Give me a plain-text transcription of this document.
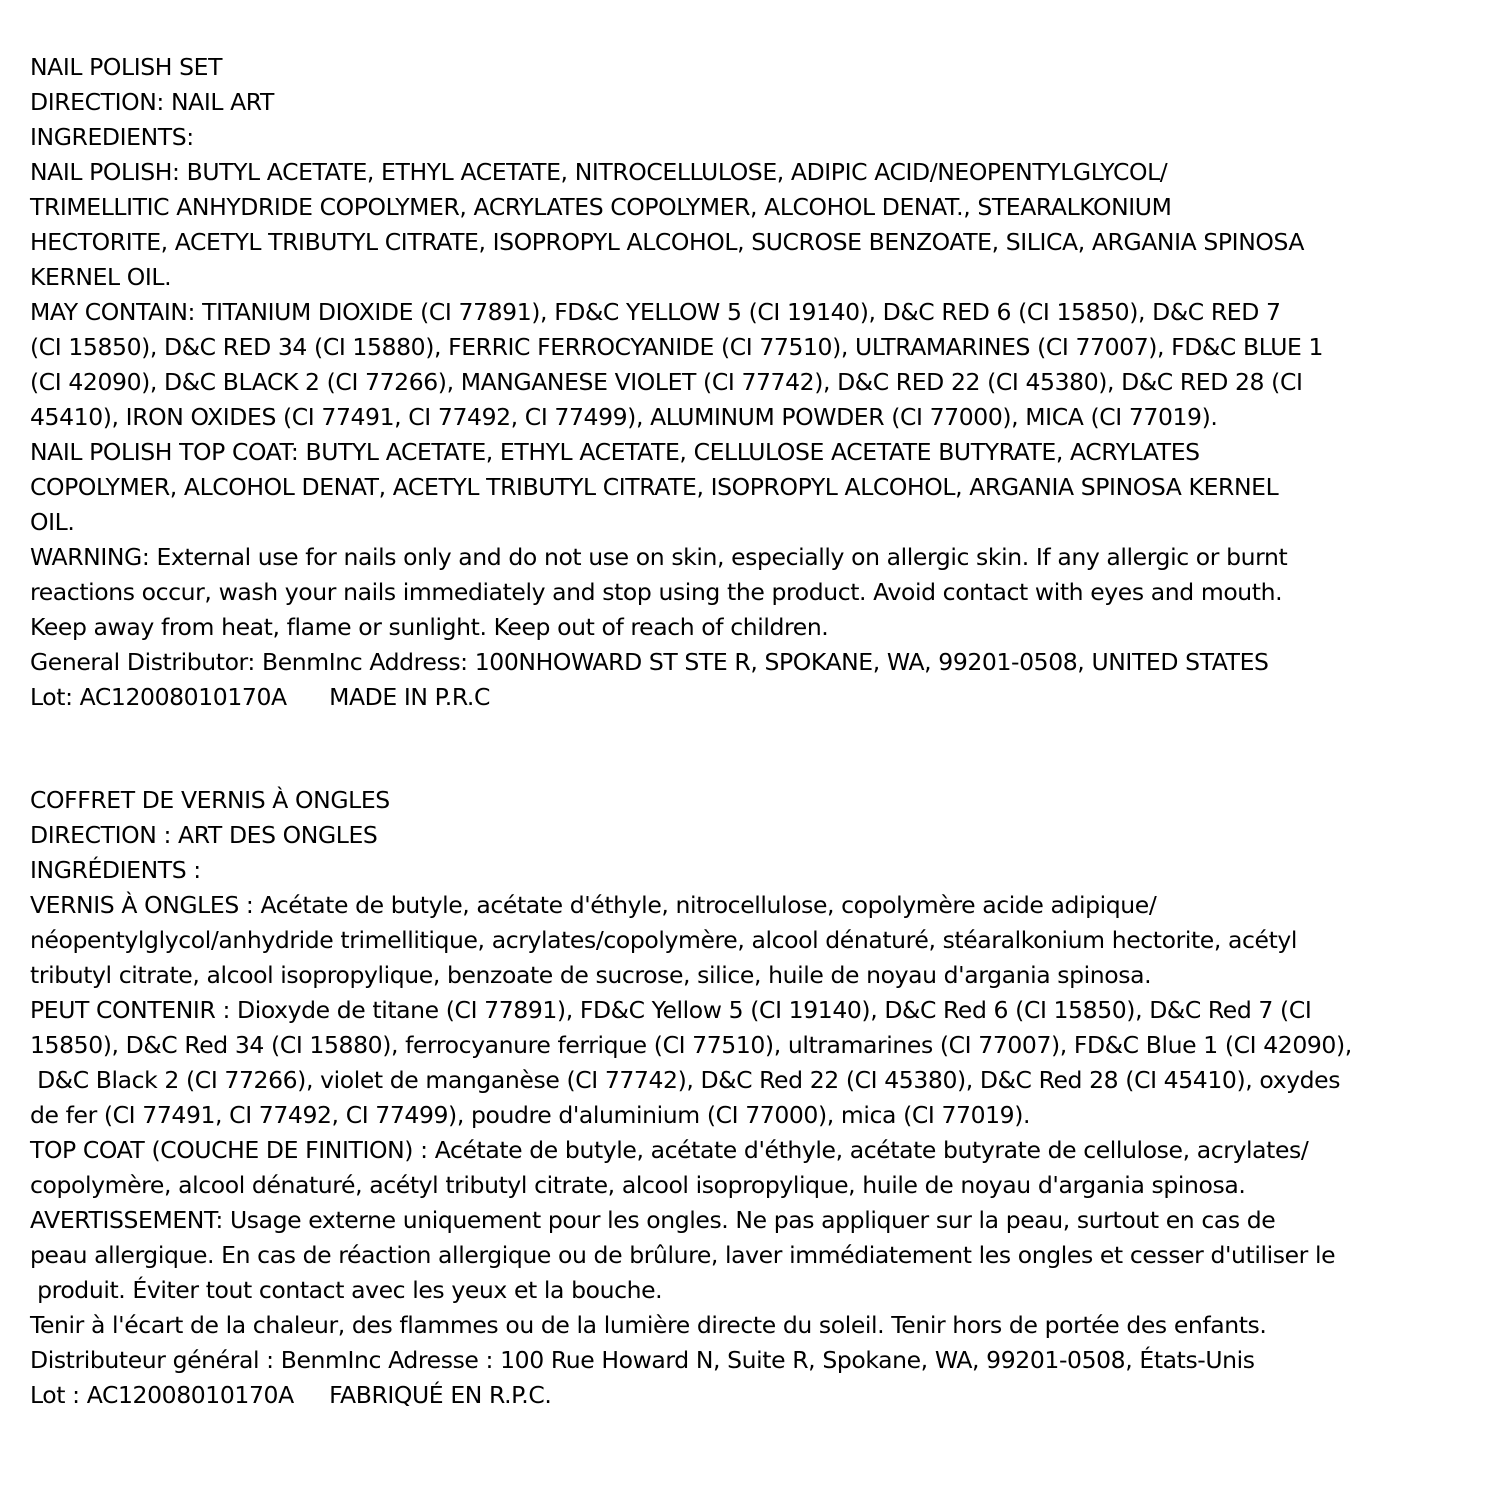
NAIL POLISH SET
DIRECTION: NAIL ART
INGREDIENTS:
NAIL POLISH: BUTYL ACETATE, ETHYL ACETATE, NITROCELLULOSE, ADIPIC ACID/NEOPENTYLGLYCOL/
TRIMELLITIC ANHYDRIDE COPOLYMER, ACRYLATES COPOLYMER, ALCOHOL DENAT., STEARALKONIUM
HECTORITE, ACETYL TRIBUTYL CITRATE, ISOPROPYL ALCOHOL, SUCROSE BENZOATE, SILICA, ARGANIA SPINOSA
KERNEL OIL.
MAY CONTAIN: TITANIUM DIOXIDE (CI 77891), FD&C YELLOW 5 (CI 19140), D&C RED 6 (CI 15850), D&C RED 7
(CI 15850), D&C RED 34 (CI 15880), FERRIC FERROCYANIDE (CI 77510), ULTRAMARINES (CI 77007), FD&C BLUE 1
(CI 42090), D&C BLACK 2 (CI 77266), MANGANESE VIOLET (CI 77742), D&C RED 22 (CI 45380), D&C RED 28 (CI
45410), IRON OXIDES (CI 77491, CI 77492, CI 77499), ALUMINUM POWDER (CI 77000), MICA (CI 77019).
NAIL POLISH TOP COAT: BUTYL ACETATE, ETHYL ACETATE, CELLULOSE ACETATE BUTYRATE, ACRYLATES
COPOLYMER, ALCOHOL DENAT, ACETYL TRIBUTYL CITRATE, ISOPROPYL ALCOHOL, ARGANIA SPINOSA KERNEL
OIL.
WARNING: External use for nails only and do not use on skin, especially on allergic skin. If any allergic or burnt
reactions occur, wash your nails immediately and stop using the product. Avoid contact with eyes and mouth.
Keep away from heat, flame or sunlight. Keep out of reach of children.
General Distributor: BenmInc Address: 100NHOWARD ST STE R, SPOKANE, WA, 99201-0508, UNITED STATES
Lot: AC12008010170A      MADE IN P.R.C
COFFRET DE VERNIS À ONGLES
DIRECTION : ART DES ONGLES
INGRÉDIENTS :
VERNIS À ONGLES : Acétate de butyle, acétate d'éthyle, nitrocellulose, copolymère acide adipique/
néopentylglycol/anhydride trimellitique, acrylates/copolymère, alcool dénaturé, stéaralkonium hectorite, acétyl
tributyl citrate, alcool isopropylique, benzoate de sucrose, silice, huile de noyau d'argania spinosa.
PEUT CONTENIR : Dioxyde de titane (CI 77891), FD&C Yellow 5 (CI 19140), D&C Red 6 (CI 15850), D&C Red 7 (CI
15850), D&C Red 34 (CI 15880), ferrocyanure ferrique (CI 77510), ultramarines (CI 77007), FD&C Blue 1 (CI 42090),
D&C Black 2 (CI 77266), violet de manganèse (CI 77742), D&C Red 22 (CI 45380), D&C Red 28 (CI 45410), oxydes
de fer (CI 77491, CI 77492, CI 77499), poudre d'aluminium (CI 77000), mica (CI 77019).
TOP COAT (COUCHE DE FINITION) : Acétate de butyle, acétate d'éthyle, acétate butyrate de cellulose, acrylates/
copolymère, alcool dénaturé, acétyl tributyl citrate, alcool isopropylique, huile de noyau d'argania spinosa.
AVERTISSEMENT: Usage externe uniquement pour les ongles. Ne pas appliquer sur la peau, surtout en cas de
peau allergique. En cas de réaction allergique ou de brûlure, laver immédiatement les ongles et cesser d'utiliser le
produit. Éviter tout contact avec les yeux et la bouche.
Tenir à l'écart de la chaleur, des flammes ou de la lumière directe du soleil. Tenir hors de portée des enfants.
Distributeur général : BenmInc Adresse : 100 Rue Howard N, Suite R, Spokane, WA, 99201-0508, États-Unis
Lot : AC12008010170A     FABRIQUÉ EN R.P.C.
